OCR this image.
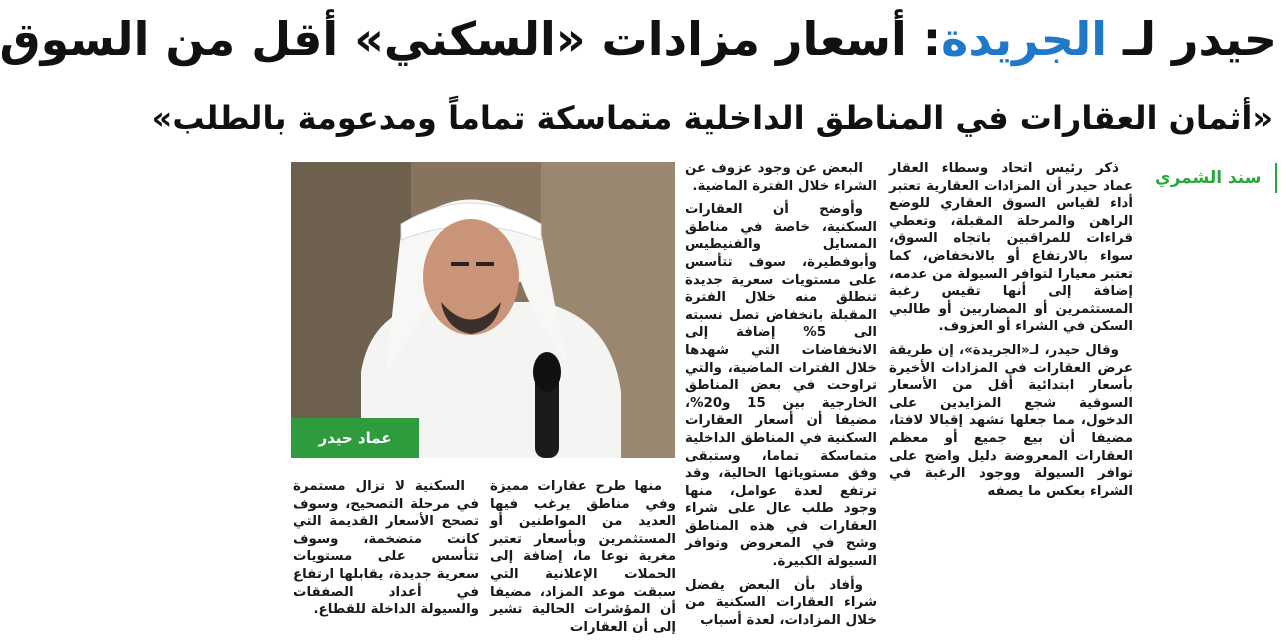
حيدر لـ الجريدة: أسعار مزادات «السكني» أقل من السوق
«أثمان العقارات في المناطق الداخلية متماسكة تماماً ومدعومة بالطلب»
سند الشمري

ذكر رئيس اتحاد وسطاء العقار عماد حيدر أن المزادات العقارية تعتبر أداء لقياس السوق العقاري للوضع الراهن والمرحلة المقبلة، وتعطي قراءات للمراقبين باتجاه السوق، سواء بالارتفاع أو بالانخفاض، كما تعتبر معيارا لتوافر السيولة من عدمه، إضافة إلى أنها تقيس رغبة المستثمرين أو المضاربين أو طالبي السكن في الشراء أو العزوف.

وقال حيدر، لـ«الجريدة»، إن طريقة عرض العقارات في المزادات الأخيرة بأسعار ابتدائية أقل من الأسعار السوقية شجع المزايدين على الدخول، مما جعلها تشهد إقبالا لافتا، مضيفا أن بيع جميع أو معظم العقارات المعروضة دليل واضح على توافر السيولة ووجود الرغبة في الشراء بعكس ما يصفه

البعض عن وجود عزوف عن الشراء خلال الفترة الماضية.

وأوضح أن العقارات السكنية، خاصة في مناطق المسايل والفنيطيس وأبوفطيرة، سوف تتأسس على مستويات سعرية جديدة تنطلق منه خلال الفترة المقبلة بانخفاض تصل نسبته الى 5% إضافة إلى الانخفاضات التي شهدها خلال الفترات الماضية، والتي تراوحت في بعض المناطق الخارجية بين 15 و20%، مضيفا أن أسعار العقارات السكنية في المناطق الداخلية متماسكة تماما، وستبقى وفق مستوياتها الحالية، وقد ترتفع لعدة عوامل، منها وجود طلب عال على شراء العقارات في هذه المناطق وشح في المعروض وتوافر السيولة الكبيرة.

وأفاد بأن البعض يفضل شراء العقارات السكنية من خلال المزادات، لعدة أسباب

عماد حيدر

منها طرح عقارات مميزة وفي مناطق يرغب فيها العديد من المواطنين أو المستثمرين وبأسعار تعتبر مغرية نوعا ما، إضافة إلى الحملات الإعلانية التي سبقت موعد المزاد، مضيفا أن المؤشرات الحالية تشير إلى أن العقارات

السكنية لا تزال مستمرة في مرحلة التصحيح، وسوف تصحح الأسعار القديمة التي كانت متضخمة، وسوف تتأسس على مستويات سعرية جديدة، يقابلها ارتفاع في أعداد الصفقات والسيولة الداخلة للقطاع.
